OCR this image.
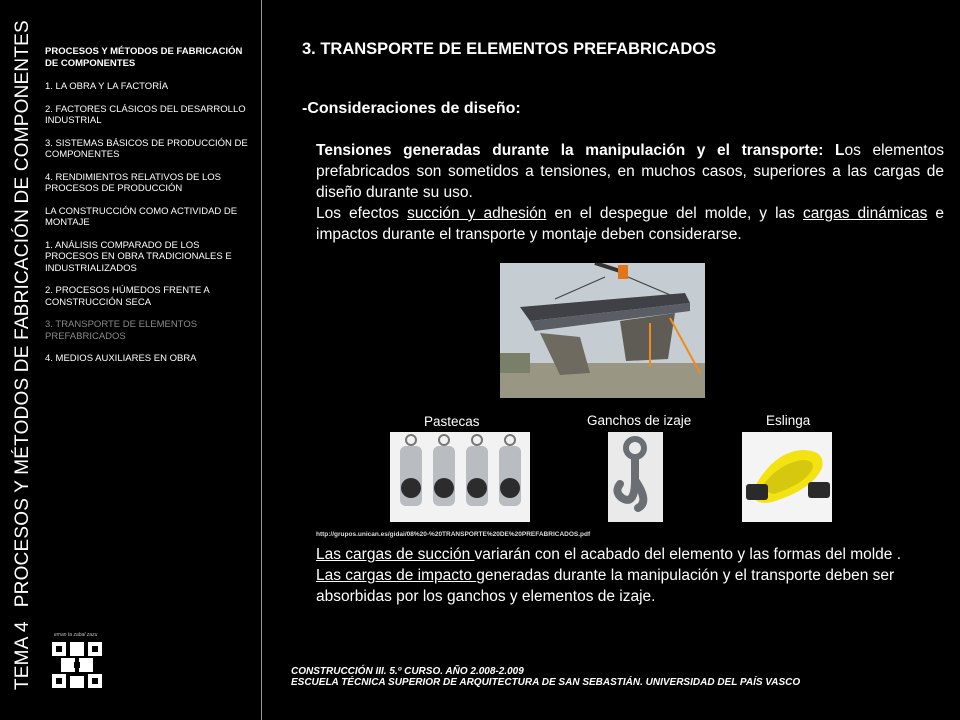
TEMA 4PROCESOS Y MÉTODOS DE FABRICACIÓN DE COMPONENTES PROCESOS Y MÉTODOS DE FABRICACIÓN
DE COMPONENTES
1. LA OBRA Y LA FACTORÍA
2. FACTORES CLÁSICOS DEL DESARROLLO INDUSTRIAL
3. SISTEMAS BÁSICOS DE PRODUCCIÓN DE COMPONENTES
4. RENDIMIENTOS RELATIVOS DE LOS PROCESOS DE PRODUCCIÓN
LA CONSTRUCCIÓN COMO ACTIVIDAD DE MONTAJE
1. ANÁLISIS COMPARADO DE LOS PROCESOS EN OBRA TRADICIONALES E INDUSTRIALIZADOS
2. PROCESOS HÚMEDOS FRENTE A CONSTRUCCIÓN SECA
3. TRANSPORTE DE ELEMENTOS PREFABRICADOS
4. MEDIOS AUXILIARES EN OBRA
eman ta zabal zazu
3. TRANSPORTE DE ELEMENTOS PREFABRICADOS
-Consideraciones de diseño:
Tensiones generadas durante la manipulación y el transporte: Los elementos prefabricados son sometidos a tensiones, en muchos casos, superiores a las cargas de diseño durante su uso.
Los efectos succión y adhesión en el despegue del molde, y las cargas dinámicas e impactos durante el transporte y montaje deben considerarse.
Pastecas	Ganchos de izaje	Eslinga
http://grupos.unican.es/gidai/08%20-%20TRANSPORTE%20DE%20PREFABRICADOS.pdf
Las cargas de succión variarán con el acabado del elemento y las formas del molde .
Las cargas de impacto generadas durante la manipulación y el transporte deben ser absorbidas por los ganchos y elementos de izaje.
CONSTRUCCIÓN III. 5.º CURSO. AÑO 2.008-2.009
ESCUELA TÉCNICA SUPERIOR DE ARQUITECTURA DE SAN SEBASTIÁN. UNIVERSIDAD DEL PAÍS VASCO
